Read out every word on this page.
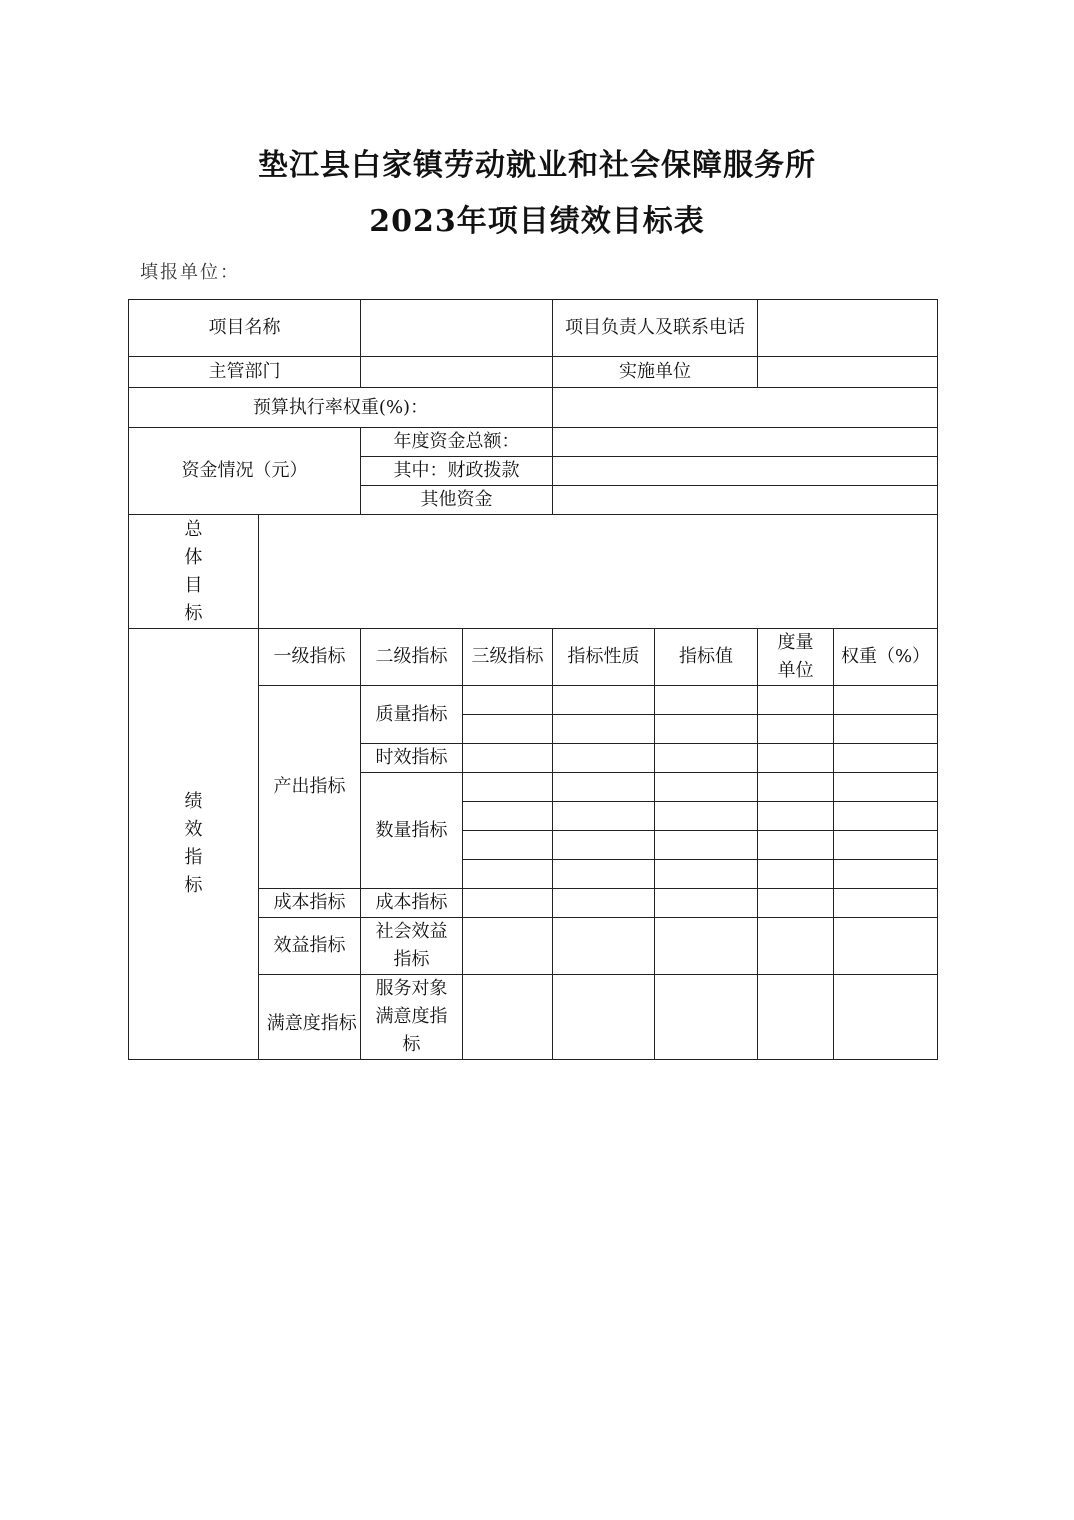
垫江县白家镇劳动就业和社会保障服务所
2023年项目绩效目标表
填报单位：
项目名称				项目负责人及联系电话			
主管部门				实施单位			
预算执行率权重(%)：							
资金情况（元）		年度资金总额：					
		其中：财政拨款					
		其他资金					
总体目标							
绩效指标	一级指标	二级指标	三级指标	指标性质	指标值	度量单位	权重（%）
	产出指标	质量指标					

		时效指标					
		数量指标					

	成本指标	成本指标					
	效益指标	社会效益指标					
	满意度指标	服务对象满意度指标					
